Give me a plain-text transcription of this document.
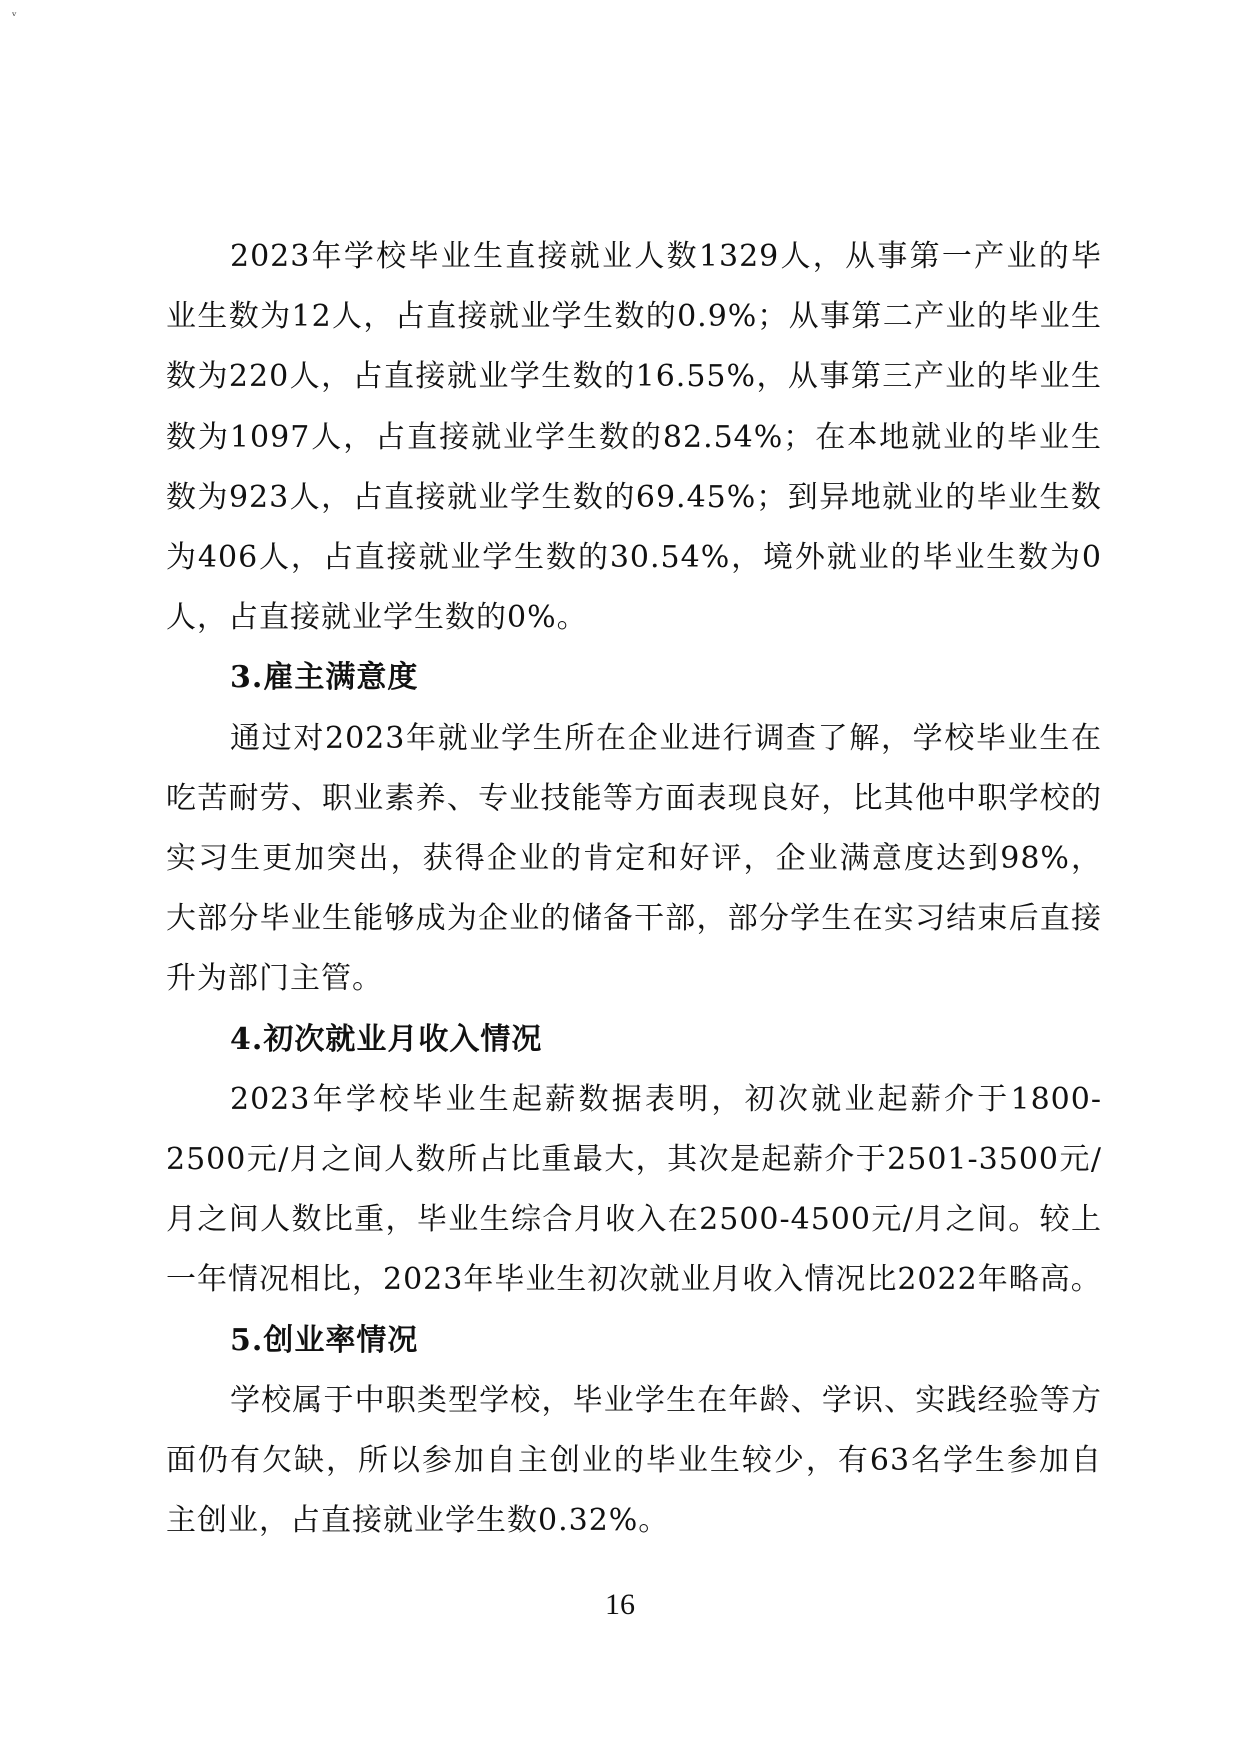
ᵛ

2023年学校毕业生直接就业人数1329人，从事第一产业的毕业生数为12人，占直接就业学生数的0.9%；从事第二产业的毕业生数为220人，占直接就业学生数的16.55%，从事第三产业的毕业生数为1097人，占直接就业学生数的82.54%；在本地就业的毕业生数为923人，占直接就业学生数的69.45%；到异地就业的毕业生数为406人，占直接就业学生数的30.54%，境外就业的毕业生数为0人，占直接就业学生数的0%。

3.雇主满意度

通过对2023年就业学生所在企业进行调查了解，学校毕业生在吃苦耐劳、职业素养、专业技能等方面表现良好，比其他中职学校的实习生更加突出，获得企业的肯定和好评，企业满意度达到98%，大部分毕业生能够成为企业的储备干部，部分学生在实习结束后直接升为部门主管。

4.初次就业月收入情况

2023年学校毕业生起薪数据表明，初次就业起薪介于1800-2500元/月之间人数所占比重最大，其次是起薪介于2501-3500元/月之间人数比重，毕业生综合月收入在2500-4500元/月之间。较上一年情况相比，2023年毕业生初次就业月收入情况比2022年略高。

5.创业率情况

学校属于中职类型学校，毕业学生在年龄、学识、实践经验等方面仍有欠缺，所以参加自主创业的毕业生较少，有63名学生参加自主创业，占直接就业学生数0.32%。

16
